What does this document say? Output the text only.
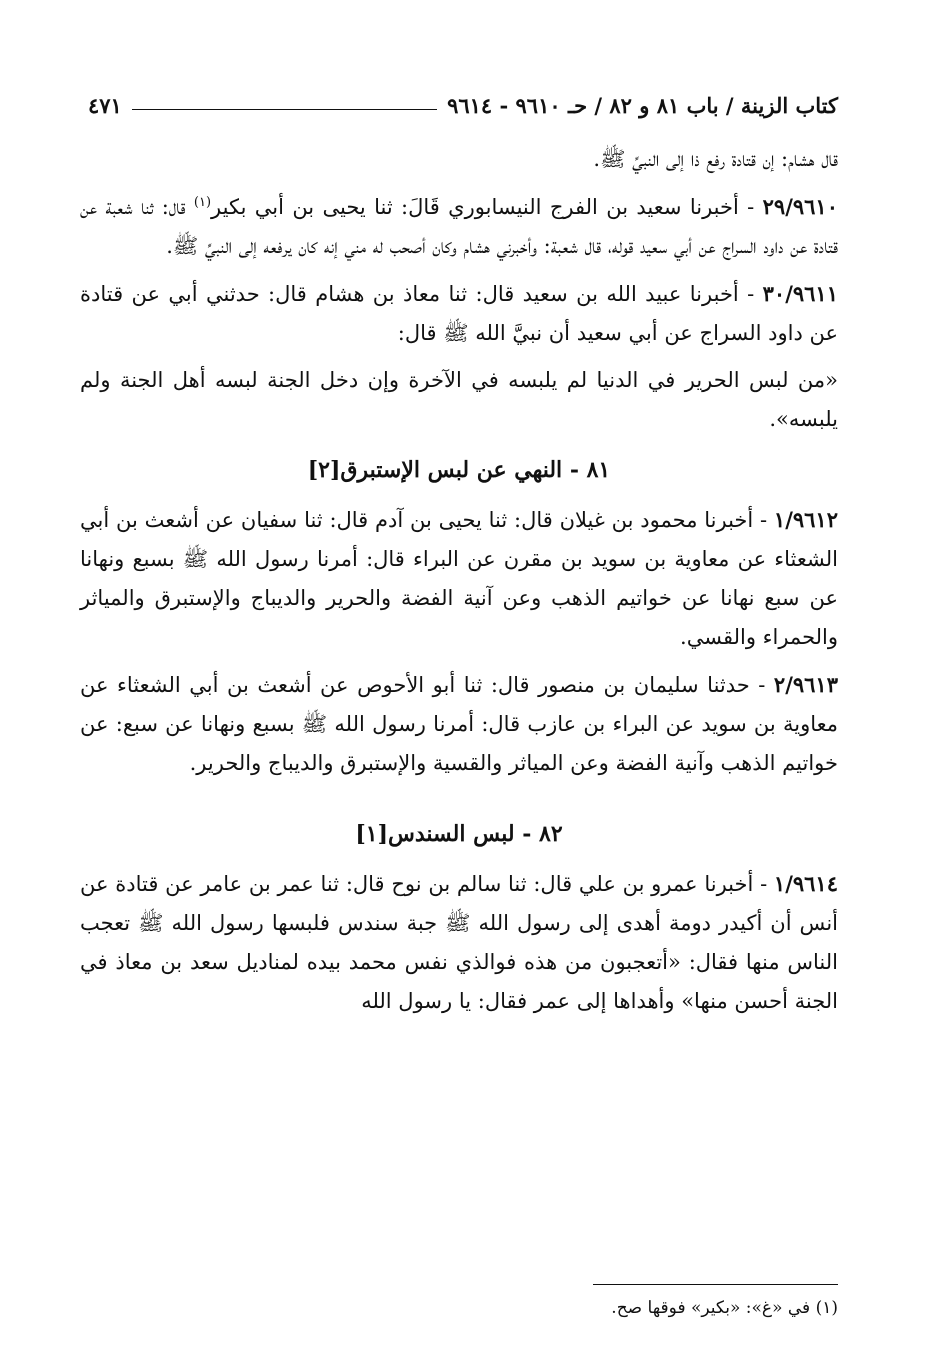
كتاب الزينة / باب ٨١ و ٨٢ / حـ ٩٦١٠ - ٩٦١٤
٤٧١

قال هشام: إن قتادة رفع ذا إلى النبيِّ ﷺ.

٢٩/٩٦١٠ - أخبرنا سعيد بن الفرج النيسابوري قَالَ: ثنا يحيى بن أبي بكير$^{(١)}$ قال: ثنا شعبة عن قتادة عن داود السراج عن أبي سعيد قوله، قال شعبة: وأخبرني هشام وكان أصحب له مني إنه كان يرفعه إلى النبيِّ ﷺ.

٣٠/٩٦١١ - أخبرنا عبيد الله بن سعيد قال: ثنا معاذ بن هشام قال: حدثني أبي عن قتادة عن داود السراج عن أبي سعيد أن نبيَّ الله ﷺ قال:

«من لبس الحرير في الدنيا لم يلبسه في الآخرة وإن دخل الجنة لبسه أهل الجنة ولم يلبسه».

٨١ - النهي عن لبس الإستبرق[٢]

١/٩٦١٢ - أخبرنا محمود بن غيلان قال: ثنا يحيى بن آدم قال: ثنا سفيان عن أشعث بن أبي الشعثاء عن معاوية بن سويد بن مقرن عن البراء قال: أمرنا رسول الله ﷺ بسبع ونهانا عن سبع نهانا عن خواتيم الذهب وعن آنية الفضة والحرير والديباج والإستبرق والمياثر والحمراء والقسي.

٢/٩٦١٣ - حدثنا سليمان بن منصور قال: ثنا أبو الأحوص عن أشعث بن أبي الشعثاء عن معاوية بن سويد عن البراء بن عازب قال: أمرنا رسول الله ﷺ بسبع ونهانا عن سبع: عن خواتيم الذهب وآنية الفضة وعن المياثر والقسية والإستبرق والديباج والحرير.

٨٢ - لبس السندس[١]

١/٩٦١٤ - أخبرنا عمرو بن علي قال: ثنا سالم بن نوح قال: ثنا عمر بن عامر عن قتادة عن أنس أن أكيدر دومة أهدى إلى رسول الله ﷺ جبة سندس فلبسها رسول الله ﷺ تعجب الناس منها فقال: «أتعجبون من هذه فوالذي نفس محمد بيده لمناديل سعد بن معاذ في الجنة أحسن منها» وأهداها إلى عمر فقال: يا رسول الله

(١) في «غ»: «بكير» فوقها صح.
